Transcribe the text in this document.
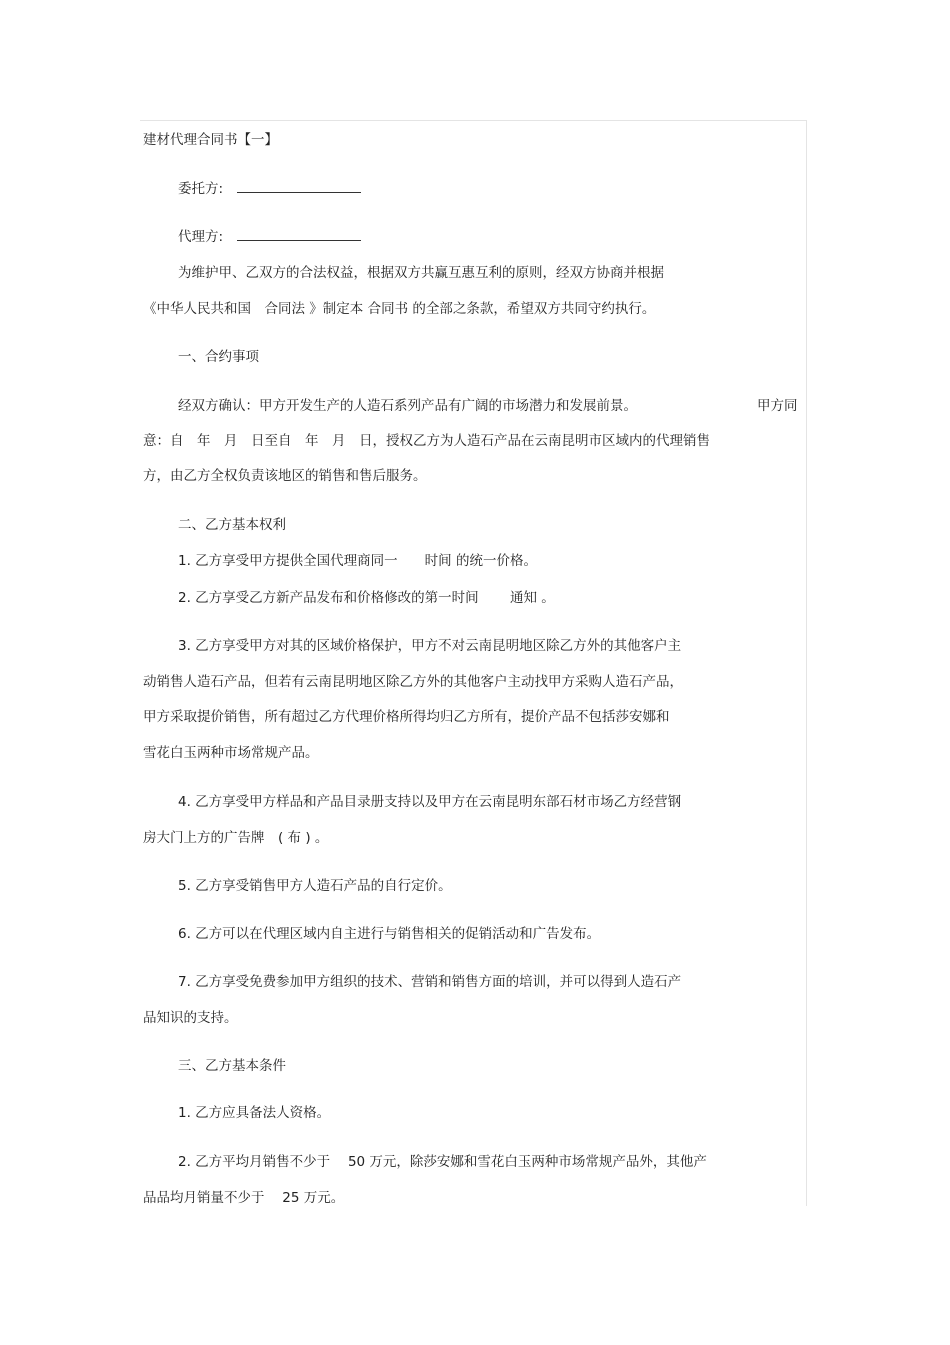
建材代理合同书【一】
委托方:
代理方:
为维护甲、乙双方的合法权益，根据双方共赢互惠互利的原则，经双方协商并根据
《中华人民共和国　合同法 》制定本 合同书 的全部之条款，希望双方共同守约执行。
一、合约事项
经双方确认：甲方开发生产的人造石系列产品有广阔的市场潜力和发展前景。	甲方同
意：自　年　月　日至自　年　月　日，授权乙方为人造石产品在云南昆明市区域内的代理销售
方，由乙方全权负责该地区的销售和售后服务。
二、乙方基本权利
1. 乙方享受甲方提供全国代理商同一　　时间 的统一价格。
2. 乙方享受乙方新产品发布和价格修改的第一时间　　 通知 。
3. 乙方享受甲方对其的区域价格保护，甲方不对云南昆明地区除乙方外的其他客户主
动销售人造石产品，但若有云南昆明地区除乙方外的其他客户主动找甲方采购人造石产品，
甲方采取提价销售，所有超过乙方代理价格所得均归乙方所有，提价产品不包括莎安娜和
雪花白玉两种市场常规产品。
4. 乙方享受甲方样品和产品目录册支持以及甲方在云南昆明东部石材市场乙方经营钢
房大门上方的广告牌　( 布 ) 。
5. 乙方享受销售甲方人造石产品的自行定价。
6. 乙方可以在代理区域内自主进行与销售相关的促销活动和广告发布。
7. 乙方享受免费参加甲方组织的技术、营销和销售方面的培训，并可以得到人造石产
品知识的支持。
三、乙方基本条件
1. 乙方应具备法人资格。
2. 乙方平均月销售不少于　 50 万元，除莎安娜和雪花白玉两种市场常规产品外，其他产
品品均月销量不少于　 25 万元。
